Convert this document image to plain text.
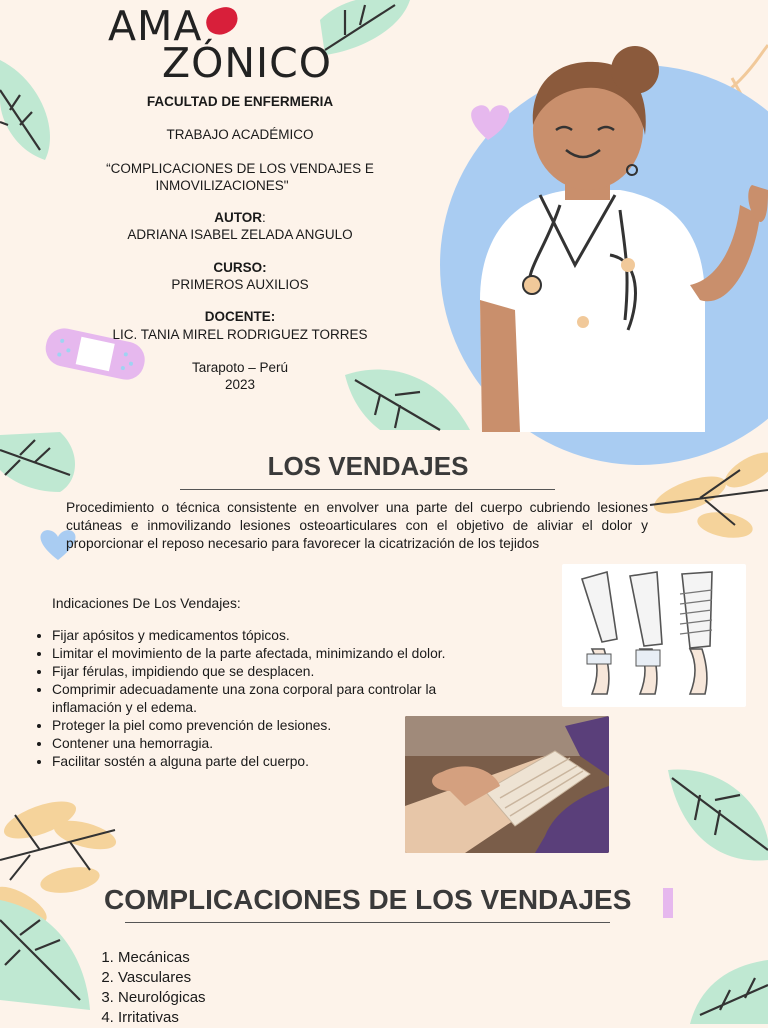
AMA
ZÓNICO
FACULTAD DE ENFERMERIA
TRABAJO ACADÉMICO
“COMPLICACIONES DE LOS VENDAJES E
INMOVILIZACIONES"
AUTOR:
ADRIANA ISABEL ZELADA ANGULO
CURSO:
PRIMEROS AUXILIOS
DOCENTE:
LIC. TANIA MIREL RODRIGUEZ TORRES
Tarapoto – Perú
2023
LOS VENDAJES
Procedimiento o técnica consistente en envolver una parte del cuerpo cubriendo lesiones cutáneas e inmovilizando lesiones osteoarticulares con el objetivo de aliviar el dolor y proporcionar el reposo necesario para favorecer la cicatrización de los tejidos
Indicaciones De Los Vendajes:
• Fijar apósitos y medicamentos tópicos.
• Limitar el movimiento de la parte afectada, minimizando el dolor.
• Fijar férulas, impidiendo que se desplacen.
• Comprimir adecuadamente una zona corporal para controlar la inflamación y el edema.
• Proteger la piel como prevención de lesiones.
• Contener una hemorragia.
• Facilitar sostén a alguna parte del cuerpo.
COMPLICACIONES DE LOS VENDAJES
1. Mecánicas
2. Vasculares
3. Neurológicas
4. Irritativas
